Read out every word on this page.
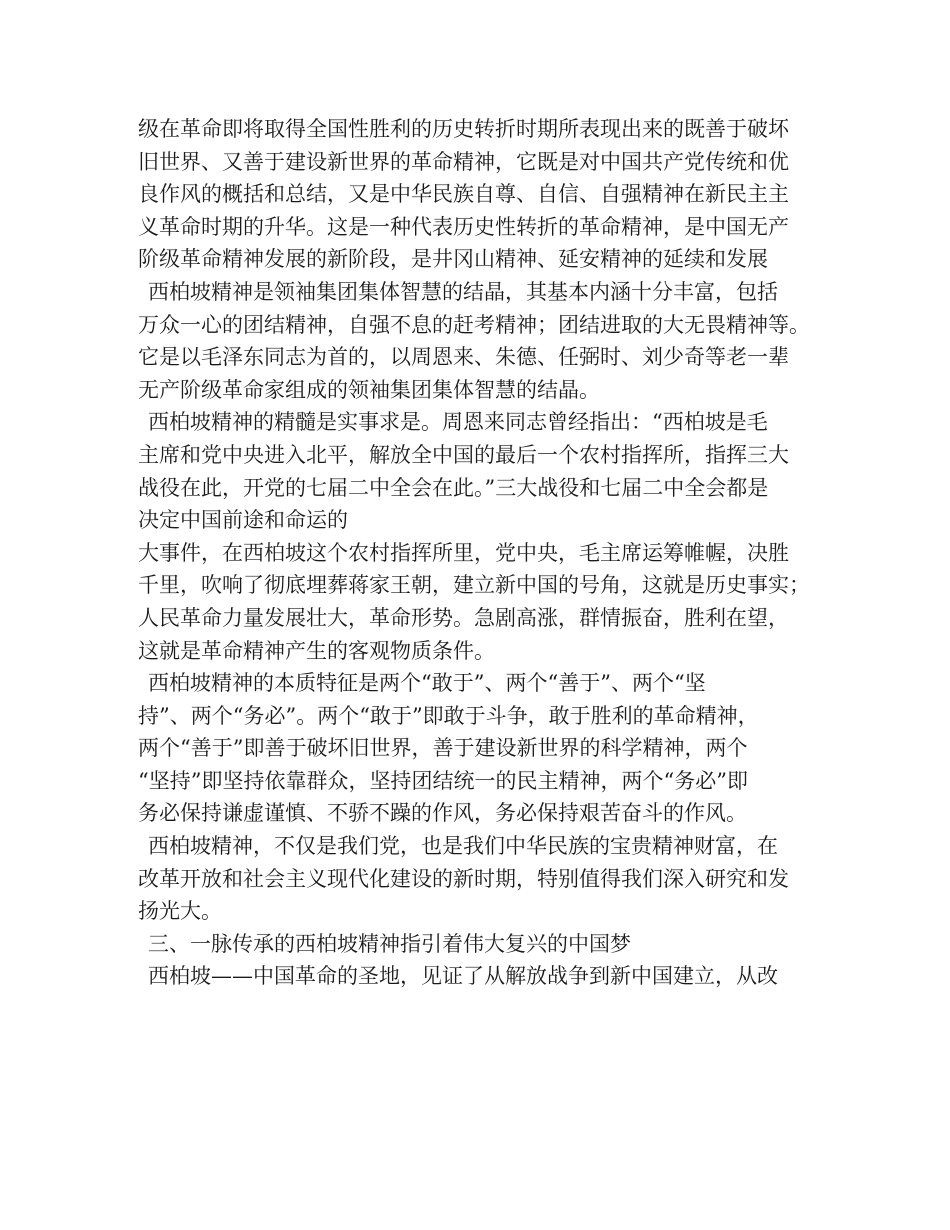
级在革命即将取得全国性胜利的历史转折时期所表现出来的既善于破坏
旧世界、又善于建设新世界的革命精神，它既是对中国共产党传统和优
良作风的概括和总结，又是中华民族自尊、自信、自强精神在新民主主
义革命时期的升华。这是一种代表历史性转折的革命精神，是中国无产
阶级革命精神发展的新阶段，是井冈山精神、延安精神的延续和发展
西柏坡精神是领袖集团集体智慧的结晶，其基本内涵十分丰富，包括
万众一心的团结精神，自强不息的赶考精神；团结进取的大无畏精神等。
它是以毛泽东同志为首的，以周恩来、朱德、任弼时、刘少奇等老一辈
无产阶级革命家组成的领袖集团集体智慧的结晶。
西柏坡精神的精髓是实事求是。周恩来同志曾经指出：“西柏坡是毛
主席和党中央进入北平，解放全中国的最后一个农村指挥所，指挥三大
战役在此，开党的七届二中全会在此。”三大战役和七届二中全会都是
决定中国前途和命运的
大事件，在西柏坡这个农村指挥所里，党中央，毛主席运筹帷幄，决胜
千里，吹响了彻底埋葬蒋家王朝，建立新中国的号角，这就是历史事实；
人民革命力量发展壮大，革命形势。急剧高涨，群情振奋，胜利在望，
这就是革命精神产生的客观物质条件。
西柏坡精神的本质特征是两个“敢于”、两个“善于”、两个“坚
持”、两个“务必”。两个“敢于”即敢于斗争，敢于胜利的革命精神，
两个“善于”即善于破坏旧世界，善于建设新世界的科学精神，两个
“坚持”即坚持依靠群众，坚持团结统一的民主精神，两个“务必”即
务必保持谦虚谨慎、不骄不躁的作风，务必保持艰苦奋斗的作风。
西柏坡精神，不仅是我们党，也是我们中华民族的宝贵精神财富，在
改革开放和社会主义现代化建设的新时期，特别值得我们深入研究和发
扬光大。
三、一脉传承的西柏坡精神指引着伟大复兴的中国梦
西柏坡——中国革命的圣地，见证了从解放战争到新中国建立，从改
